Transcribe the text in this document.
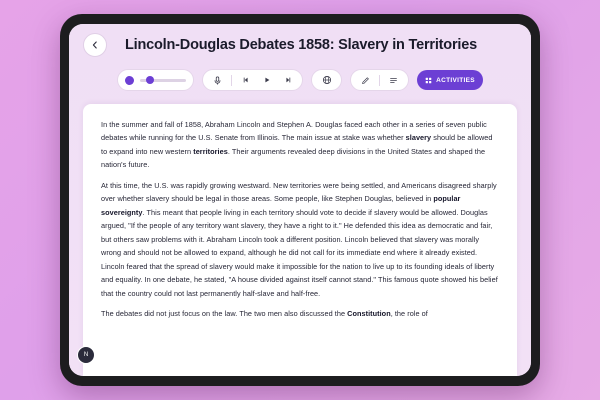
Lincoln-Douglas Debates 1858: Slavery in Territories
ACTIVITIES

In the summer and fall of 1858, Abraham Lincoln and Stephen A. Douglas faced each other in a series of seven public debates while running for the U.S. Senate from Illinois. The main issue at stake was whether slavery should be allowed to expand into new western territories. Their arguments revealed deep divisions in the United States and shaped the nation's future.

At this time, the U.S. was rapidly growing westward. New territories were being settled, and Americans disagreed sharply over whether slavery should be legal in those areas. Some people, like Stephen Douglas, believed in popular sovereignty. This meant that people living in each territory should vote to decide if slavery would be allowed. Douglas argued, "If the people of any territory want slavery, they have a right to it." He defended this idea as democratic and fair, but others saw problems with it. Abraham Lincoln took a different position. Lincoln believed that slavery was morally wrong and should not be allowed to expand, although he did not call for its immediate end where it already existed. Lincoln feared that the spread of slavery would make it impossible for the nation to live up to its founding ideals of liberty and equality. In one debate, he stated, "A house divided against itself cannot stand." This famous quote showed his belief that the country could not last permanently half-slave and half-free.

The debates did not just focus on the law. The two men also discussed the Constitution, the role of

N
